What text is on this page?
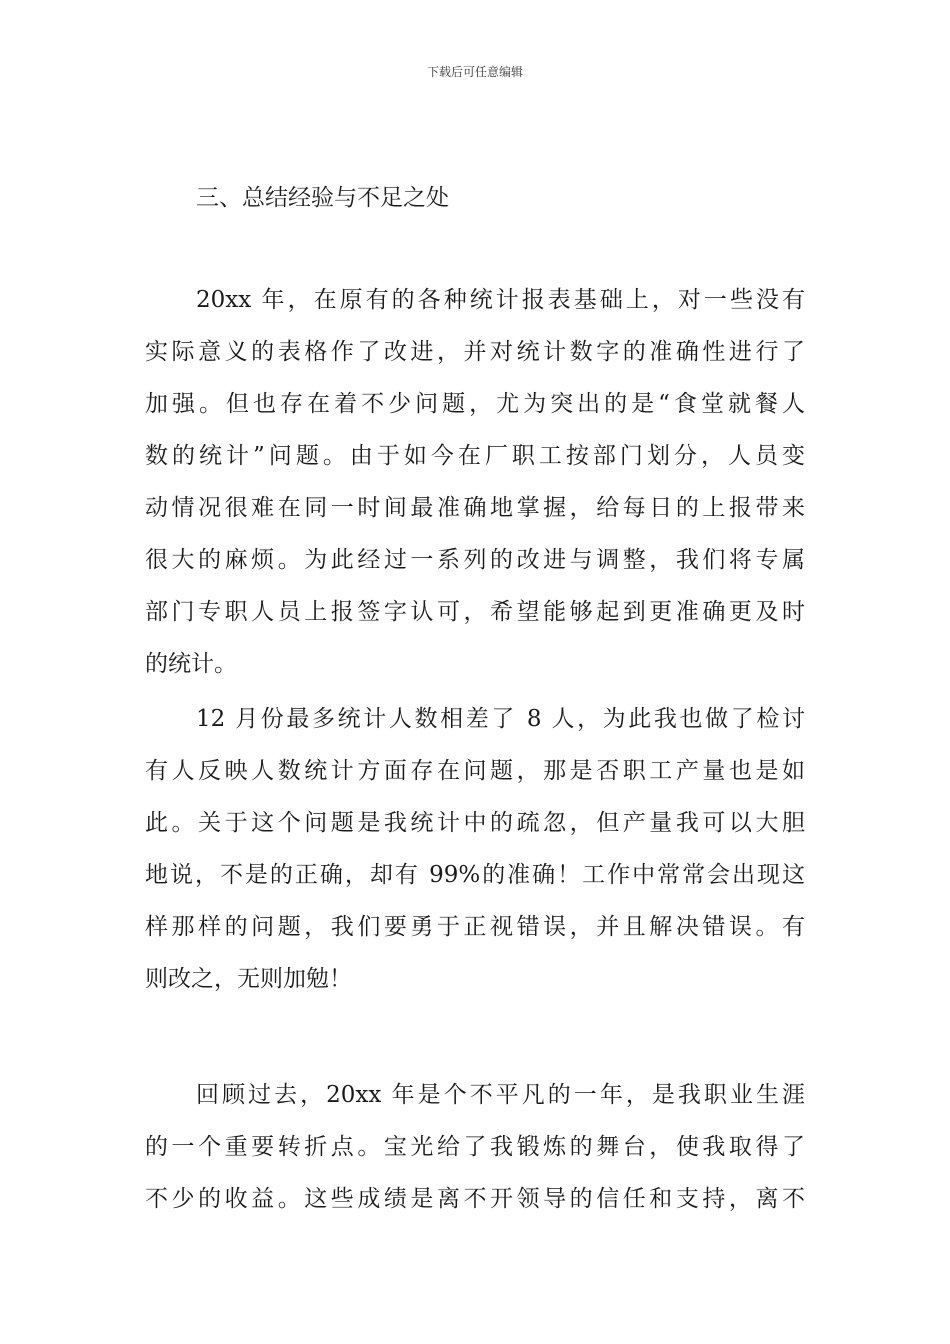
下载后可任意编辑
三、总结经验与不足之处
20xx 年，在原有的各种统计报表基础上，对一些没有
实际意义的表格作了改进，并对统计数字的准确性进行了
加强。但也存在着不少问题，尤为突出的是“食堂就餐人
数的统计”问题。由于如今在厂职工按部门划分，人员变
动情况很难在同一时间最准确地掌握，给每日的上报带来
很大的麻烦。为此经过一系列的改进与调整，我们将专属
部门专职人员上报签字认可，希望能够起到更准确更及时
的统计。
12 月份最多统计人数相差了 8 人，为此我也做了检讨
有人反映人数统计方面存在问题，那是否职工产量也是如
此。关于这个问题是我统计中的疏忽，但产量我可以大胆
地说，不是的正确，却有 99%的准确！工作中常常会出现这
样那样的问题，我们要勇于正视错误，并且解决错误。有
则改之，无则加勉！
回顾过去，20xx 年是个不平凡的一年，是我职业生涯
的一个重要转折点。宝光给了我锻炼的舞台，使我取得了
不少的收益。这些成绩是离不开领导的信任和支持，离不
